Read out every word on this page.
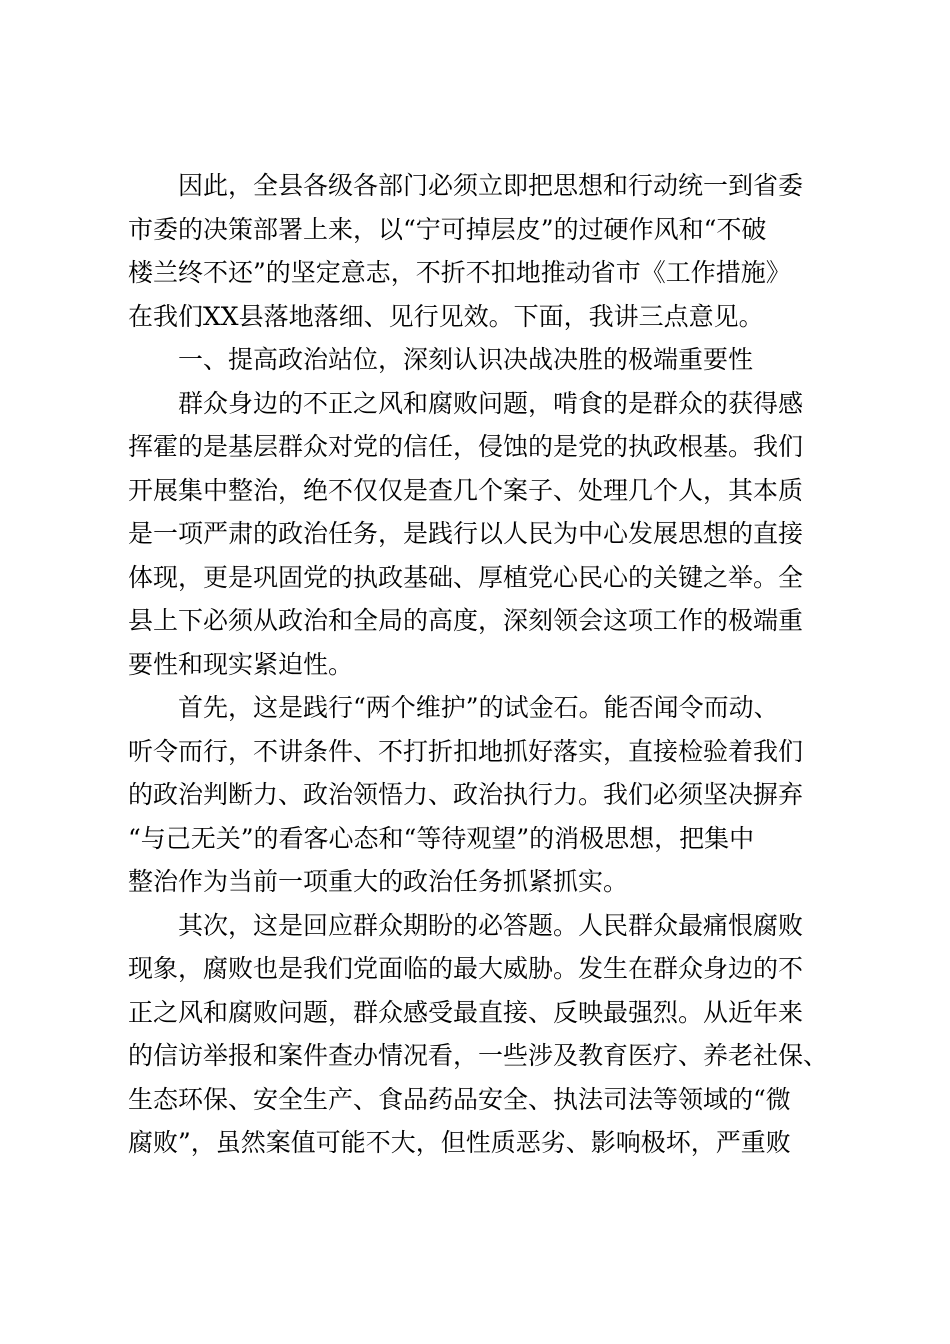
因此，全县各级各部门必须立即把思想和行动统一到省委
市委的决策部署上来，以“宁可掉层皮”的过硬作风和“不破
楼兰终不还”的坚定意志，不折不扣地推动省市《工作措施》
在我们XX县落地落细、见行见效。下面，我讲三点意见。
一、提高政治站位，深刻认识决战决胜的极端重要性
群众身边的不正之风和腐败问题，啃食的是群众的获得感
挥霍的是基层群众对党的信任，侵蚀的是党的执政根基。我们
开展集中整治，绝不仅仅是查几个案子、处理几个人，其本质
是一项严肃的政治任务，是践行以人民为中心发展思想的直接
体现，更是巩固党的执政基础、厚植党心民心的关键之举。全
县上下必须从政治和全局的高度，深刻领会这项工作的极端重
要性和现实紧迫性。
首先，这是践行“两个维护”的试金石。能否闻令而动、
听令而行，不讲条件、不打折扣地抓好落实，直接检验着我们
的政治判断力、政治领悟力、政治执行力。我们必须坚决摒弃
“与己无关”的看客心态和“等待观望”的消极思想，把集中
整治作为当前一项重大的政治任务抓紧抓实。
其次，这是回应群众期盼的必答题。人民群众最痛恨腐败
现象，腐败也是我们党面临的最大威胁。发生在群众身边的不
正之风和腐败问题，群众感受最直接、反映最强烈。从近年来
的信访举报和案件查办情况看，一些涉及教育医疗、养老社保、
生态环保、安全生产、食品药品安全、执法司法等领域的“微
腐败”，虽然案值可能不大，但性质恶劣、影响极坏，严重败
